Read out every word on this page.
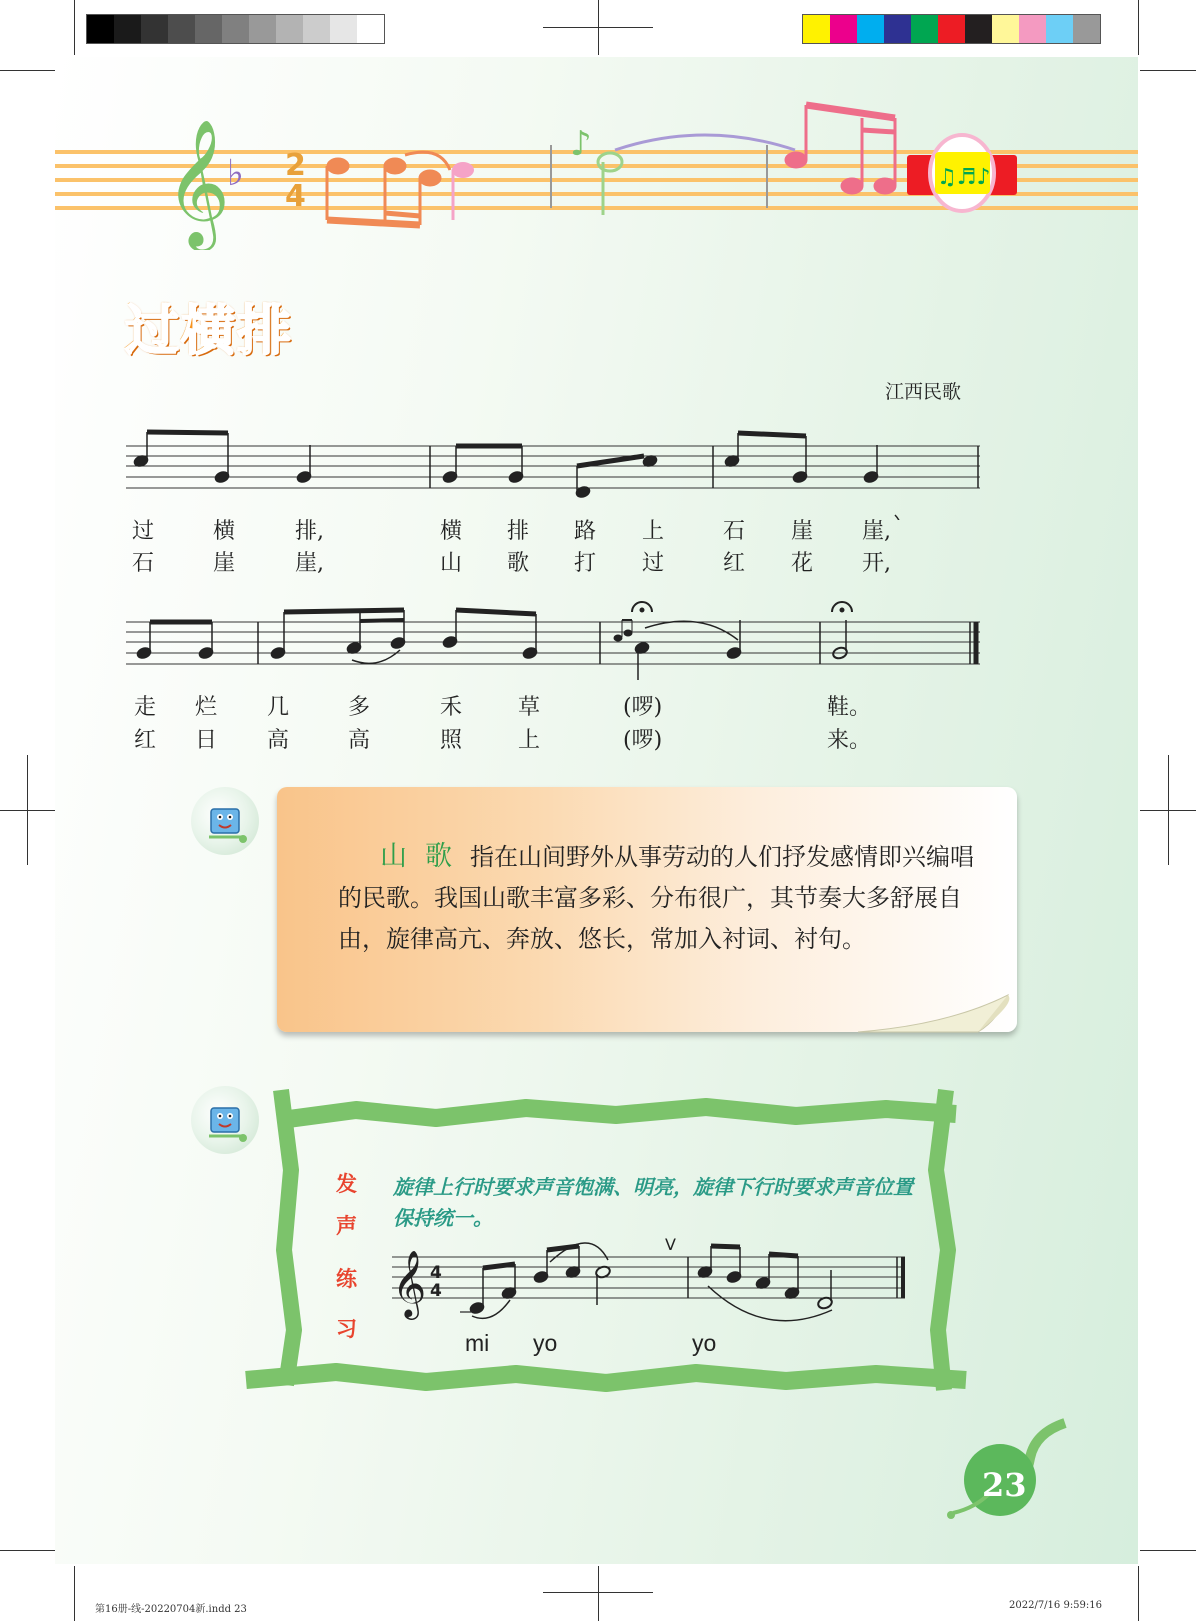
𝄞
♭ 2
4
♪
♫♬♪
过横排
江西民歌
过	横	排,	横 排 路 上	石 崖 崖,
石	崖	崖,	山 歌 打 过	红 花 开,
走 烂 几	多	禾	草	(啰)	鞋。
红 日 高	高	照	上	(啰)	来。
山歌指在山间野外从事劳动的人们抒发感情即兴编唱的民歌。我国山歌丰富多彩、分布很广，其节奏大多舒展自由，旋律高亢、奔放、悠长，常加入衬词、衬句。
发
声
练
习
旋律上行时要求声音饱满、明亮，旋律下行时要求声音位置保持统一。
𝄞 4
4
V
mi yo	yo
23
第16册-线-20220704新.indd 23	2022/7/16 9:59:16
